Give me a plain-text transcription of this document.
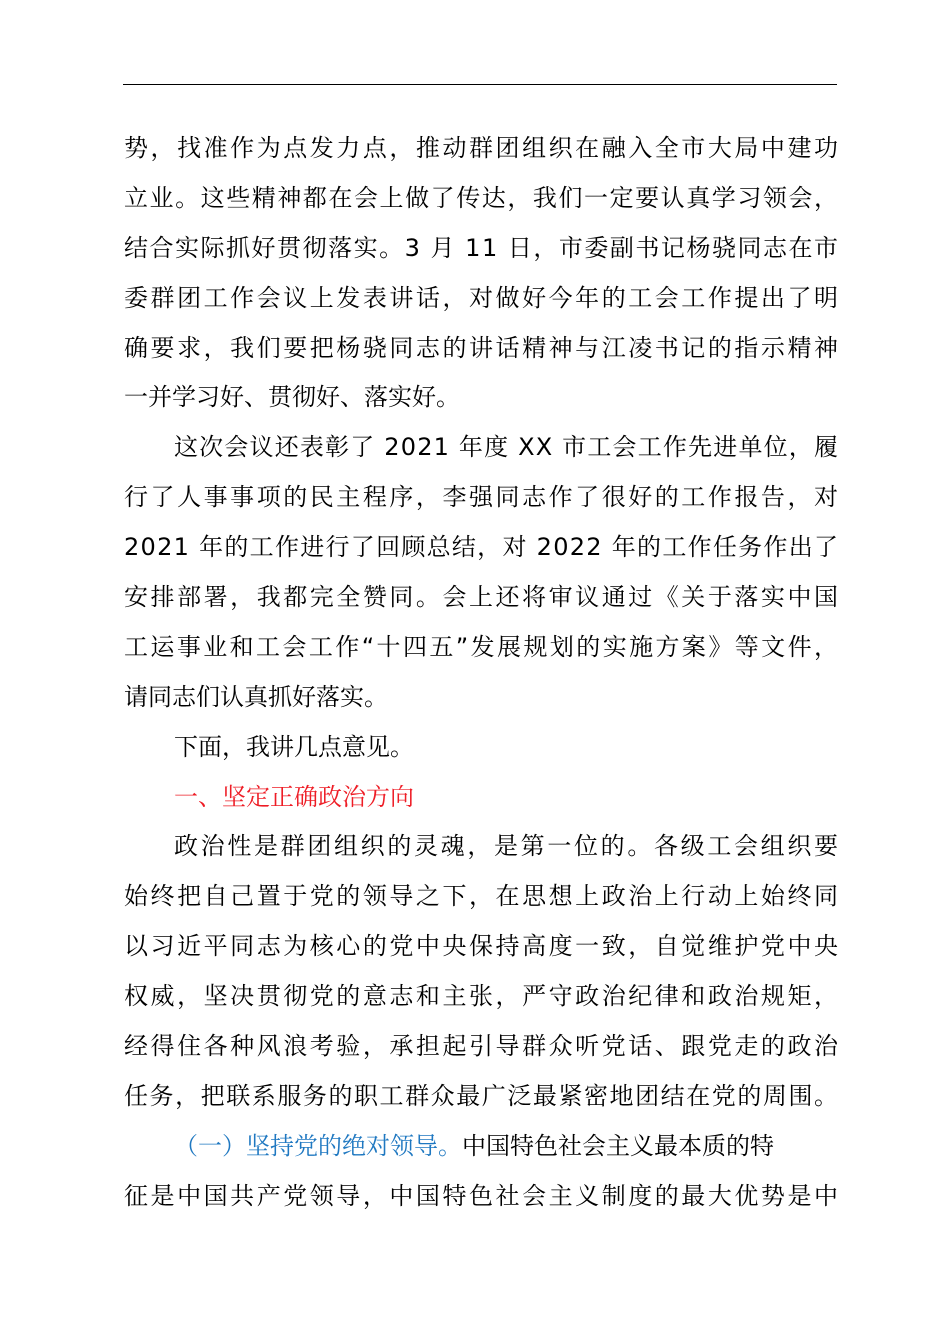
势，找准作为点发力点，推动群团组织在融入全市大局中建功
立业。这些精神都在会上做了传达，我们一定要认真学习领会，
结合实际抓好贯彻落实。3 月 11 日，市委副书记杨骁同志在市
委群团工作会议上发表讲话，对做好今年的工会工作提出了明
确要求，我们要把杨骁同志的讲话精神与江凌书记的指示精神
一并学习好、贯彻好、落实好。
这次会议还表彰了 2021 年度 XX 市工会工作先进单位，履
行了人事事项的民主程序，李强同志作了很好的工作报告，对
2021 年的工作进行了回顾总结，对 2022 年的工作任务作出了
安排部署，我都完全赞同。会上还将审议通过《关于落实中国
工运事业和工会工作“十四五”发展规划的实施方案》等文件，
请同志们认真抓好落实。
下面，我讲几点意见。
一、坚定正确政治方向
政治性是群团组织的灵魂，是第一位的。各级工会组织要
始终把自己置于党的领导之下，在思想上政治上行动上始终同
以习近平同志为核心的党中央保持高度一致，自觉维护党中央
权威，坚决贯彻党的意志和主张，严守政治纪律和政治规矩，
经得住各种风浪考验，承担起引导群众听党话、跟党走的政治
任务，把联系服务的职工群众最广泛最紧密地团结在党的周围。
（一）坚持党的绝对领导。 中国特色社会主义最本质的特
征是中国共产党领导，中国特色社会主义制度的最大优势是中
